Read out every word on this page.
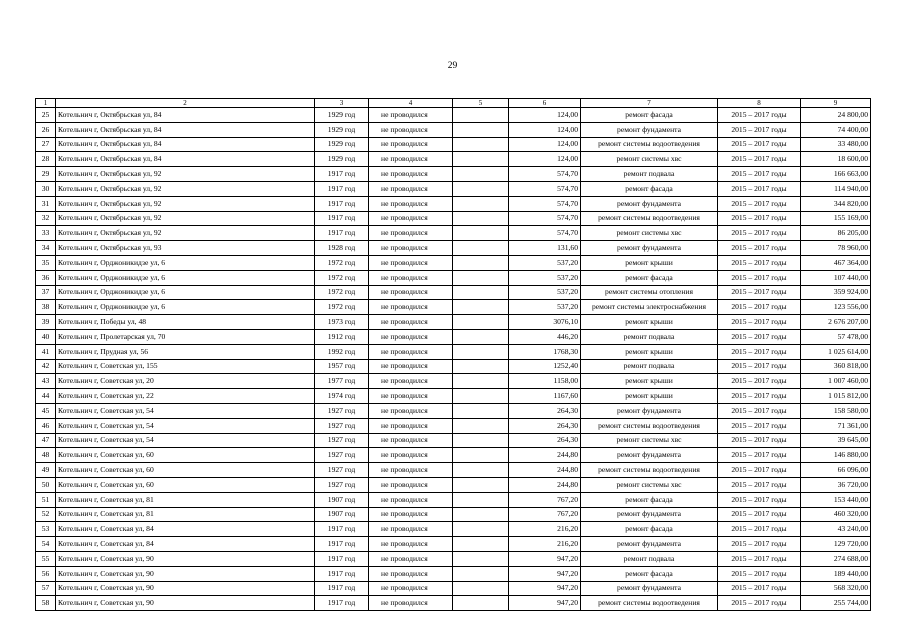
29
1	2	3	4	5	6	7	8	9
25	Котельнич г, Октябрьская ул, 84	1929 год	не проводился		124,00	ремонт фасада	2015 – 2017 годы	24 800,00
26	Котельнич г, Октябрьская ул, 84	1929 год	не проводился		124,00	ремонт фундамента	2015 – 2017 годы	74 400,00
27	Котельнич г, Октябрьская ул, 84	1929 год	не проводился		124,00	ремонт системы водоотведения	2015 – 2017 годы	33 480,00
28	Котельнич г, Октябрьская ул, 84	1929 год	не проводился		124,00	ремонт системы хвс	2015 – 2017 годы	18 600,00
29	Котельнич г, Октябрьская ул, 92	1917 год	не проводился		574,70	ремонт подвала	2015 – 2017 годы	166 663,00
30	Котельнич г, Октябрьская ул, 92	1917 год	не проводился		574,70	ремонт фасада	2015 – 2017 годы	114 940,00
31	Котельнич г, Октябрьская ул, 92	1917 год	не проводился		574,70	ремонт фундамента	2015 – 2017 годы	344 820,00
32	Котельнич г, Октябрьская ул, 92	1917 год	не проводился		574,70	ремонт системы водоотведения	2015 – 2017 годы	155 169,00
33	Котельнич г, Октябрьская ул, 92	1917 год	не проводился		574,70	ремонт системы хвс	2015 – 2017 годы	86 205,00
34	Котельнич г, Октябрьская ул, 93	1928 год	не проводился		131,60	ремонт фундамента	2015 – 2017 годы	78 960,00
35	Котельнич г, Орджоникидзе ул, 6	1972 год	не проводился		537,20	ремонт крыши	2015 – 2017 годы	467 364,00
36	Котельнич г, Орджоникидзе ул, 6	1972 год	не проводился		537,20	ремонт фасада	2015 – 2017 годы	107 440,00
37	Котельнич г, Орджоникидзе ул, 6	1972 год	не проводился		537,20	ремонт системы отопления	2015 – 2017 годы	359 924,00
38	Котельнич г, Орджоникидзе ул, 6	1972 год	не проводился		537,20	ремонт системы электроснабжения	2015 – 2017 годы	123 556,00
39	Котельнич г, Победы ул, 48	1973 год	не проводился		3076,10	ремонт крыши	2015 – 2017 годы	2 676 207,00
40	Котельнич г, Пролетарская ул, 70	1912 год	не проводился		446,20	ремонт подвала	2015 – 2017 годы	57 478,00
41	Котельнич г, Прудная ул, 56	1992 год	не проводился		1768,30	ремонт крыши	2015 – 2017 годы	1 025 614,00
42	Котельнич г, Советская ул, 155	1957 год	не проводился		1252,40	ремонт подвала	2015 – 2017 годы	360 818,00
43	Котельнич г, Советская ул, 20	1977 год	не проводился		1158,00	ремонт крыши	2015 – 2017 годы	1 007 460,00
44	Котельнич г, Советская ул, 22	1974 год	не проводился		1167,60	ремонт крыши	2015 – 2017 годы	1 015 812,00
45	Котельнич г, Советская ул, 54	1927 год	не проводился		264,30	ремонт фундамента	2015 – 2017 годы	158 580,00
46	Котельнич г, Советская ул, 54	1927 год	не проводился		264,30	ремонт системы водоотведения	2015 – 2017 годы	71 361,00
47	Котельнич г, Советская ул, 54	1927 год	не проводился		264,30	ремонт системы хвс	2015 – 2017 годы	39 645,00
48	Котельнич г, Советская ул, 60	1927 год	не проводился		244,80	ремонт фундамента	2015 – 2017 годы	146 880,00
49	Котельнич г, Советская ул, 60	1927 год	не проводился		244,80	ремонт системы водоотведения	2015 – 2017 годы	66 096,00
50	Котельнич г, Советская ул, 60	1927 год	не проводился		244,80	ремонт системы хвс	2015 – 2017 годы	36 720,00
51	Котельнич г, Советская ул, 81	1907 год	не проводился		767,20	ремонт фасада	2015 – 2017 годы	153 440,00
52	Котельнич г, Советская ул, 81	1907 год	не проводился		767,20	ремонт фундамента	2015 – 2017 годы	460 320,00
53	Котельнич г, Советская ул, 84	1917 год	не проводился		216,20	ремонт фасада	2015 – 2017 годы	43 240,00
54	Котельнич г, Советская ул, 84	1917 год	не проводился		216,20	ремонт фундамента	2015 – 2017 годы	129 720,00
55	Котельнич г, Советская ул, 90	1917 год	не проводился		947,20	ремонт подвала	2015 – 2017 годы	274 688,00
56	Котельнич г, Советская ул, 90	1917 год	не проводился		947,20	ремонт фасада	2015 – 2017 годы	189 440,00
57	Котельнич г, Советская ул, 90	1917 год	не проводился		947,20	ремонт фундамента	2015 – 2017 годы	568 320,00
58	Котельнич г, Советская ул, 90	1917 год	не проводился		947,20	ремонт системы водоотведения	2015 – 2017 годы	255 744,00
